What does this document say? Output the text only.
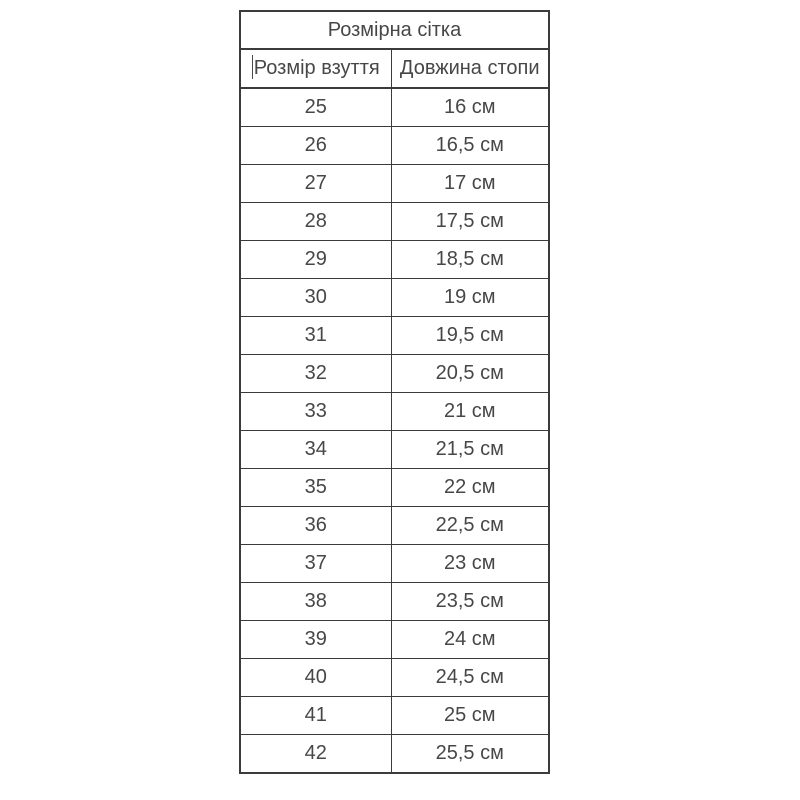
Розмірна сітка	
Розмір взуття	Довжина стопи
25	16 см
26	16,5 см
27	17 см
28	17,5 см
29	18,5 см
30	19 см
31	19,5 см
32	20,5 см
33	21 см
34	21,5 см
35	22 см
36	22,5 см
37	23 см
38	23,5 см
39	24 см
40	24,5 см
41	25 см
42	25,5 см
